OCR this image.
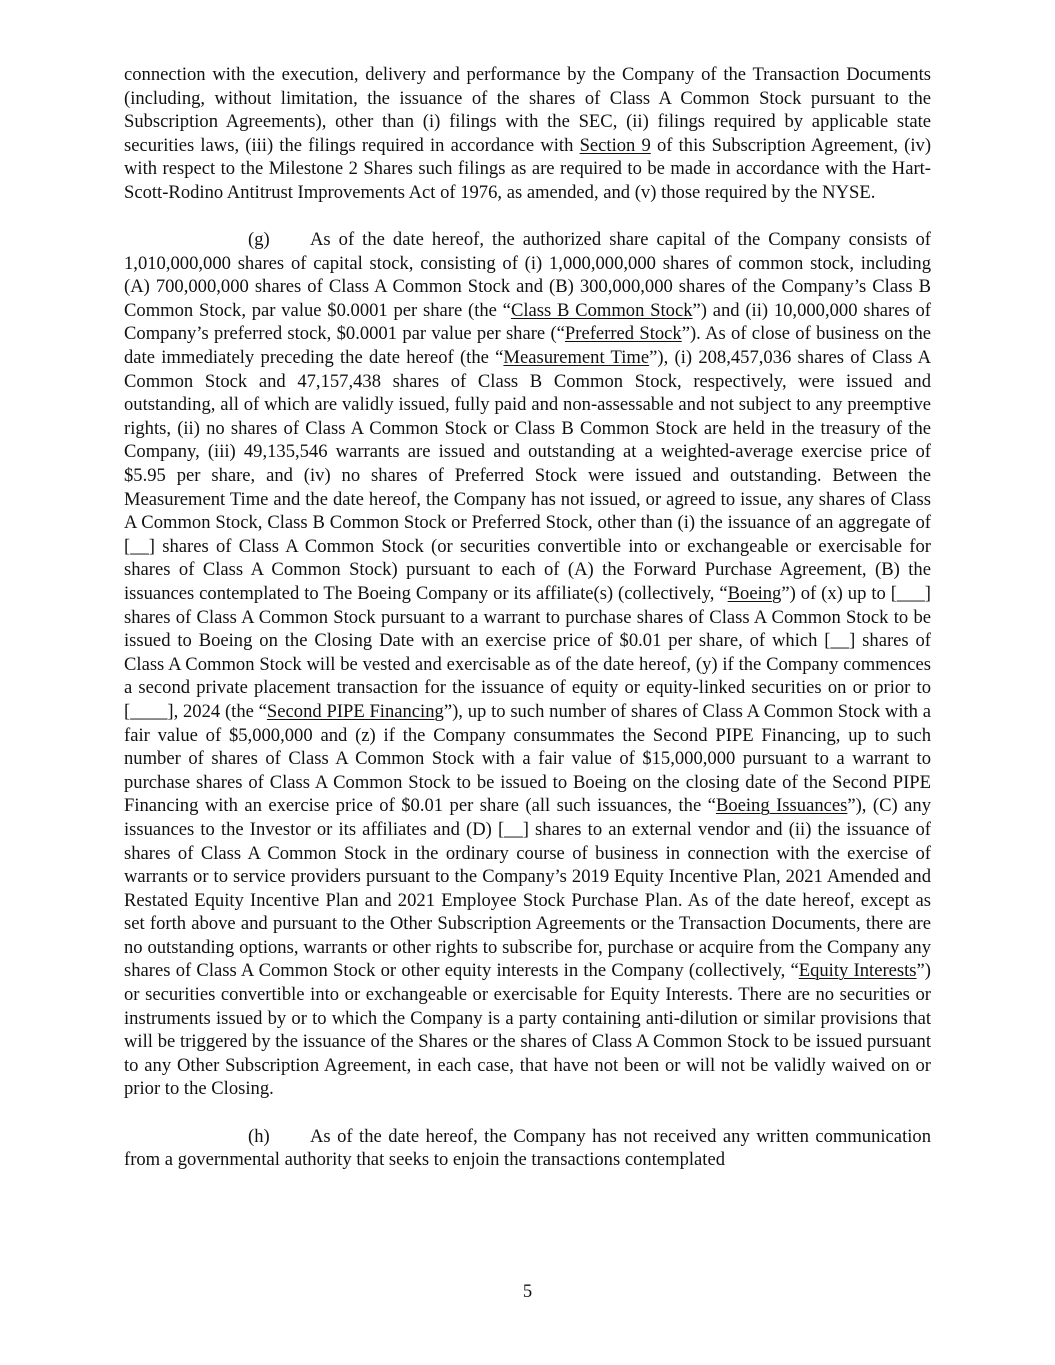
connection with the execution, delivery and performance by the Company of the Transaction Documents (including, without limitation, the issuance of the shares of Class A Common Stock pursuant to the Subscription Agreements), other than (i) filings with the SEC, (ii) filings required by applicable state securities laws, (iii) the filings required in accordance with Section 9 of this Subscription Agreement, (iv) with respect to the Milestone 2 Shares such filings as are required to be made in accordance with the Hart-Scott-Rodino Antitrust Improvements Act of 1976, as amended, and (v) those required by the NYSE.

(g) As of the date hereof, the authorized share capital of the Company consists of 1,010,000,000 shares of capital stock, consisting of (i) 1,000,000,000 shares of common stock, including (A) 700,000,000 shares of Class A Common Stock and (B) 300,000,000 shares of the Company’s Class B Common Stock, par value $0.0001 per share (the “Class B Common Stock”) and (ii) 10,000,000 shares of Company’s preferred stock, $0.0001 par value per share (“Preferred Stock”). As of close of business on the date immediately preceding the date hereof (the “Measurement Time”), (i) 208,457,036 shares of Class A Common Stock and 47,157,438 shares of Class B Common Stock, respectively, were issued and outstanding, all of which are validly issued, fully paid and non-assessable and not subject to any preemptive rights, (ii) no shares of Class A Common Stock or Class B Common Stock are held in the treasury of the Company, (iii) 49,135,546 warrants are issued and outstanding at a weighted-average exercise price of $5.95 per share, and (iv) no shares of Preferred Stock were issued and outstanding. Between the Measurement Time and the date hereof, the Company has not issued, or agreed to issue, any shares of Class A Common Stock, Class B Common Stock or Preferred Stock, other than (i) the issuance of an aggregate of [__] shares of Class A Common Stock (or securities convertible into or exchangeable or exercisable for shares of Class A Common Stock) pursuant to each of (A) the Forward Purchase Agreement, (B) the issuances contemplated to The Boeing Company or its affiliate(s) (collectively, “Boeing”) of (x) up to [___] shares of Class A Common Stock pursuant to a warrant to purchase shares of Class A Common Stock to be issued to Boeing on the Closing Date with an exercise price of $0.01 per share, of which [__] shares of Class A Common Stock will be vested and exercisable as of the date hereof, (y) if the Company commences a second private placement transaction for the issuance of equity or equity-linked securities on or prior to [____], 2024 (the “Second PIPE Financing”), up to such number of shares of Class A Common Stock with a fair value of $5,000,000 and (z) if the Company consummates the Second PIPE Financing, up to such number of shares of Class A Common Stock with a fair value of $15,000,000 pursuant to a warrant to purchase shares of Class A Common Stock to be issued to Boeing on the closing date of the Second PIPE Financing with an exercise price of $0.01 per share (all such issuances, the “Boeing Issuances”), (C) any issuances to the Investor or its affiliates and (D) [__] shares to an external vendor and (ii) the issuance of shares of Class A Common Stock in the ordinary course of business in connection with the exercise of warrants or to service providers pursuant to the Company’s 2019 Equity Incentive Plan, 2021 Amended and Restated Equity Incentive Plan and 2021 Employee Stock Purchase Plan. As of the date hereof, except as set forth above and pursuant to the Other Subscription Agreements or the Transaction Documents, there are no outstanding options, warrants or other rights to subscribe for, purchase or acquire from the Company any shares of Class A Common Stock or other equity interests in the Company (collectively, “Equity Interests”) or securities convertible into or exchangeable or exercisable for Equity Interests. There are no securities or instruments issued by or to which the Company is a party containing anti-dilution or similar provisions that will be triggered by the issuance of the Shares or the shares of Class A Common Stock to be issued pursuant to any Other Subscription Agreement, in each case, that have not been or will not be validly waived on or prior to the Closing.

(h) As of the date hereof, the Company has not received any written communication from a governmental authority that seeks to enjoin the transactions contemplated

5
